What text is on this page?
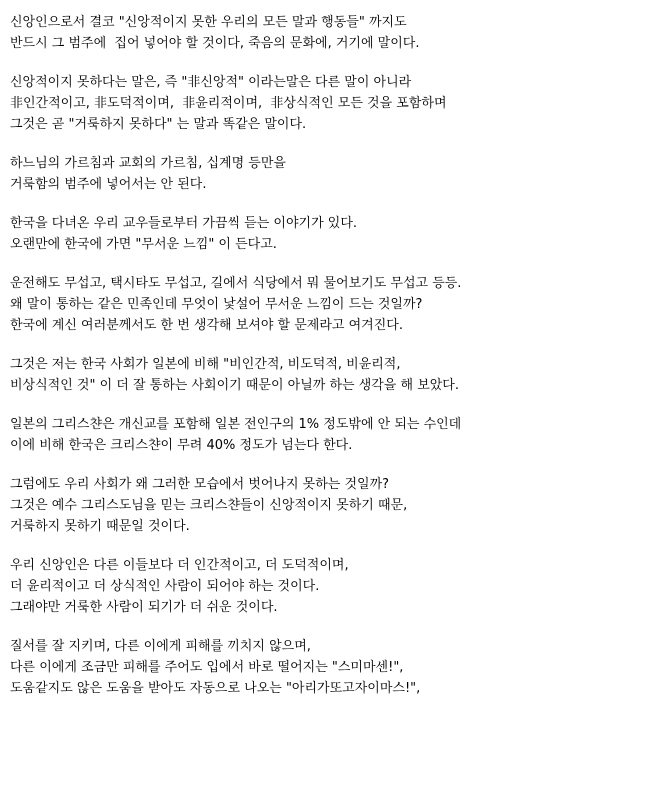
신앙인으로서 결코 "신앙적이지 못한 우리의 모든 말과 행동들" 까지도
반드시 그 범주에  집어 넣어야 할 것이다, 죽음의 문화에, 거기에 말이다.
신앙적이지 못하다는 말은, 즉 "非신앙적" 이라는말은 다른 말이 아니라
非인간적이고, 非도덕적이며,  非윤리적이며,  非상식적인 모든 것을 포함하며
그것은 곧 "거룩하지 못하다" 는 말과 똑같은 말이다.
하느님의 가르침과 교회의 가르침, 십계명 등만을
거룩함의 범주에 넣어서는 안 된다.
한국을 다녀온 우리 교우들로부터 가끔씩 듣는 이야기가 있다.
오랜만에 한국에 가면 "무서운 느낌" 이 든다고.
운전해도 무섭고, 택시타도 무섭고, 길에서 식당에서 뭐 물어보기도 무섭고 등등.
왜 말이 통하는 같은 민족인데 무엇이 낯설어 무서운 느낌이 드는 것일까?
한국에 계신 여러분께서도 한 번 생각해 보셔야 할 문제라고 여겨진다.
그것은 저는 한국 사회가 일본에 비해 "비인간적, 비도덕적, 비윤리적,
비상식적인 것" 이 더 잘 통하는 사회이기 때문이 아닐까 하는 생각을 해 보았다.
일본의 그리스챤은 개신교를 포함해 일본 전인구의 1% 정도밖에 안 되는 수인데
이에 비해 한국은 크리스챤이 무려 40% 정도가 넘는다 한다.
그럼에도 우리 사회가 왜 그러한 모습에서 벗어나지 못하는 것일까?
그것은 예수 그리스도님을 믿는 크리스챤들이 신앙적이지 못하기 때문,
거룩하지 못하기 때문일 것이다.
우리 신앙인은 다른 이들보다 더 인간적이고, 더 도덕적이며,
더 윤리적이고 더 상식적인 사람이 되어야 하는 것이다.
그래야만 거룩한 사람이 되기가 더 쉬운 것이다.
질서를 잘 지키며, 다른 이에게 피해를 끼치지 않으며,
다른 이에게 조금만 피해를 주어도 입에서 바로 떨어지는 "스미마센!",
도움같지도 않은 도움을 받아도 자동으로 나오는 "아리가또고자이마스!",
